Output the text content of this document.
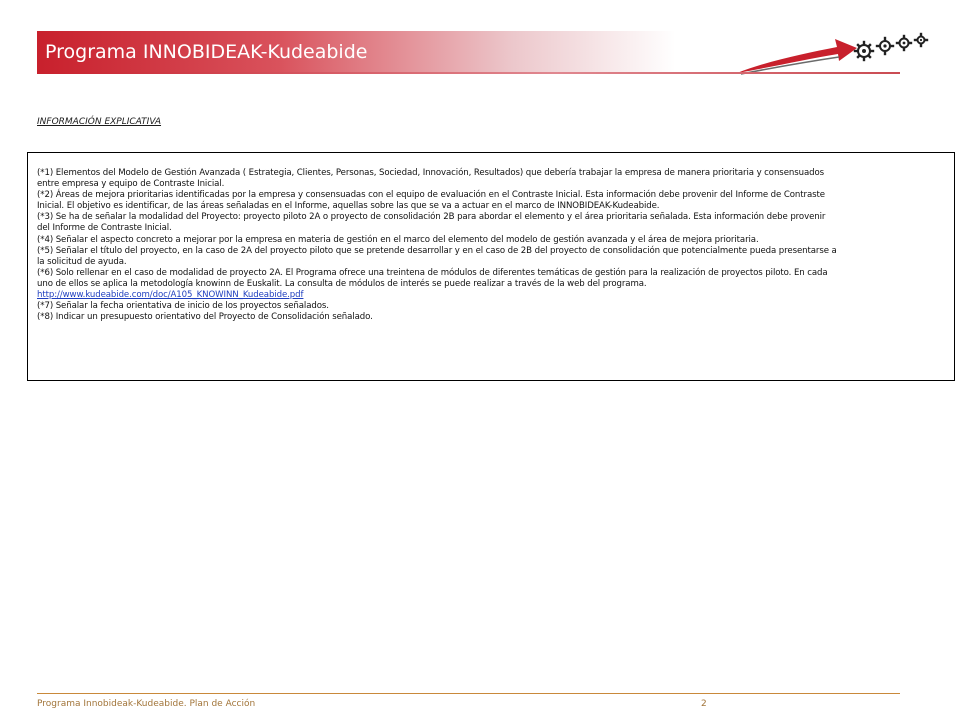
Programa INNOBIDEAK-Kudeabide
INFORMACIÓN EXPLICATIVA
(*1) Elementos del Modelo de Gestión Avanzada ( Estrategia, Clientes, Personas, Sociedad, Innovación, Resultados) que debería trabajar la empresa de manera prioritaria y consensuados
entre empresa y equipo de Contraste Inicial.
(*2) Áreas de mejora prioritarias identificadas por la empresa y consensuadas con el equipo de evaluación en el Contraste Inicial. Esta información debe provenir del Informe de Contraste
Inicial. El objetivo es identificar, de las áreas señaladas en el Informe, aquellas sobre las que se va a actuar en el marco de INNOBIDEAK-Kudeabide.
(*3) Se ha de señalar la modalidad del Proyecto: proyecto piloto 2A o proyecto de consolidación 2B para abordar el elemento y el área prioritaria señalada. Esta información debe provenir
del Informe de Contraste Inicial.
(*4) Señalar el aspecto concreto a mejorar por la empresa en materia de gestión en el marco del elemento del modelo de gestión avanzada y el área de mejora prioritaria.
(*5) Señalar el título del proyecto, en la caso de 2A del proyecto piloto que se pretende desarrollar y en el caso de 2B del proyecto de consolidación que potencialmente pueda presentarse a
la solicitud de ayuda.
(*6) Solo rellenar en el caso de modalidad de proyecto 2A. El Programa ofrece una treintena de módulos de diferentes temáticas de gestión para la realización de proyectos piloto. En cada
uno de ellos se aplica la metodología knowinn de Euskalit. La consulta de módulos de interés se puede realizar a través de la web del programa.
http://www.kudeabide.com/doc/A105_KNOWINN_Kudeabide.pdf
(*7) Señalar la fecha orientativa de inicio de los proyectos señalados.
(*8) Indicar un presupuesto orientativo del Proyecto de Consolidación señalado.
Programa Innobideak-Kudeabide. Plan de Acción	2
